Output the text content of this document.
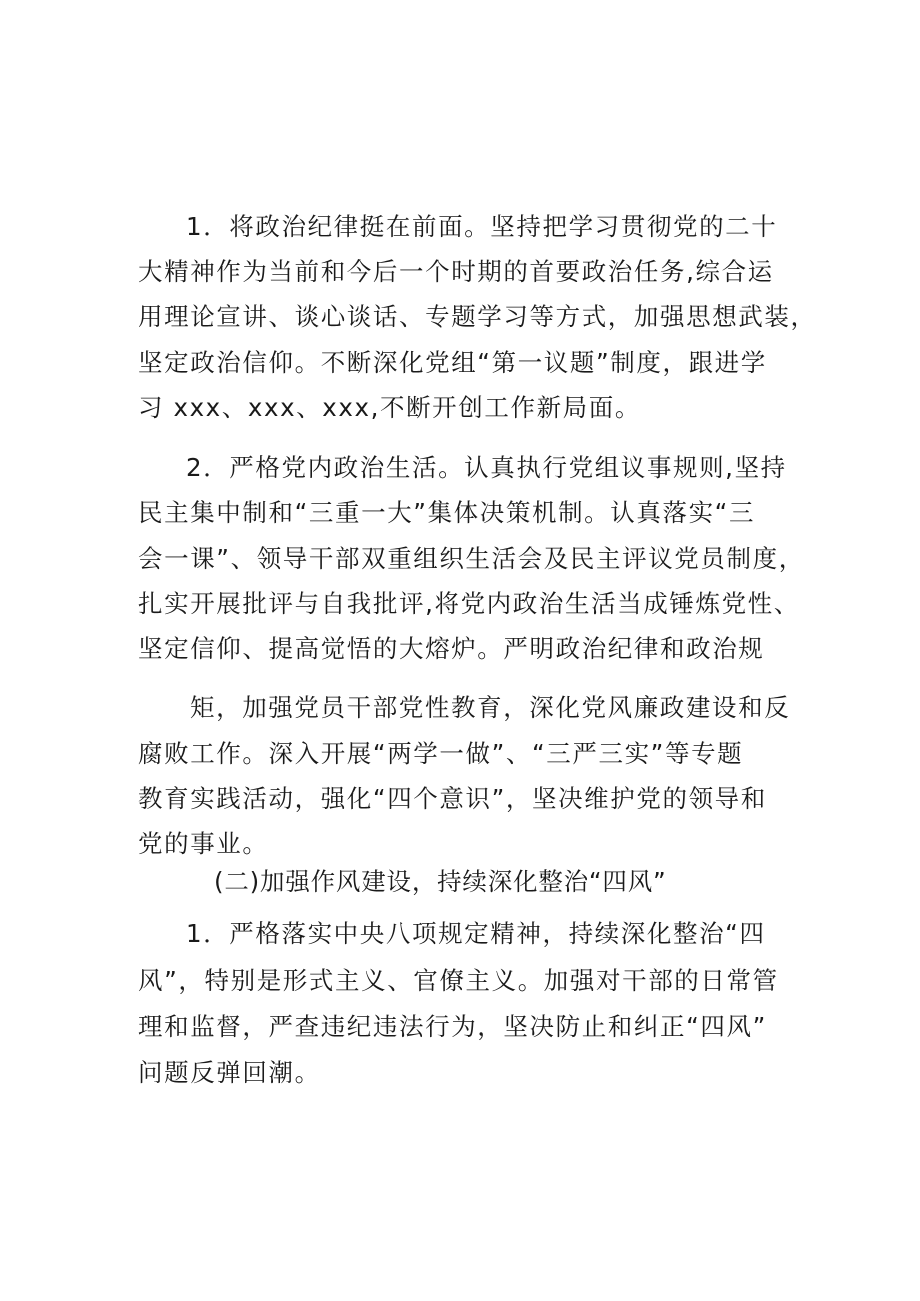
1．将政治纪律挺在前面。坚持把学习贯彻党的二十
大精神作为当前和今后一个时期的首要政治任务,综合运
用理论宣讲、谈心谈话、专题学习等方式，加强思想武装，
坚定政治信仰。不断深化党组“第一议题”制度，跟进学
习 xxx、xxx、xxx,不断开创工作新局面。
2．严格党内政治生活。认真执行党组议事规则,坚持
民主集中制和“三重一大”集体决策机制。认真落实“三
会一课”、领导干部双重组织生活会及民主评议党员制度，
扎实开展批评与自我批评,将党内政治生活当成锤炼党性、
坚定信仰、提高觉悟的大熔炉。严明政治纪律和政治规
矩，加强党员干部党性教育，深化党风廉政建设和反
腐败工作。深入开展“两学一做”、“三严三实”等专题
教育实践活动，强化“四个意识”，坚决维护党的领导和
党的事业。
(二)加强作风建设，持续深化整治“四风”
1．严格落实中央八项规定精神，持续深化整治“四
风”，特别是形式主义、官僚主义。加强对干部的日常管
理和监督，严查违纪违法行为，坚决防止和纠正“四风”
问题反弹回潮。
